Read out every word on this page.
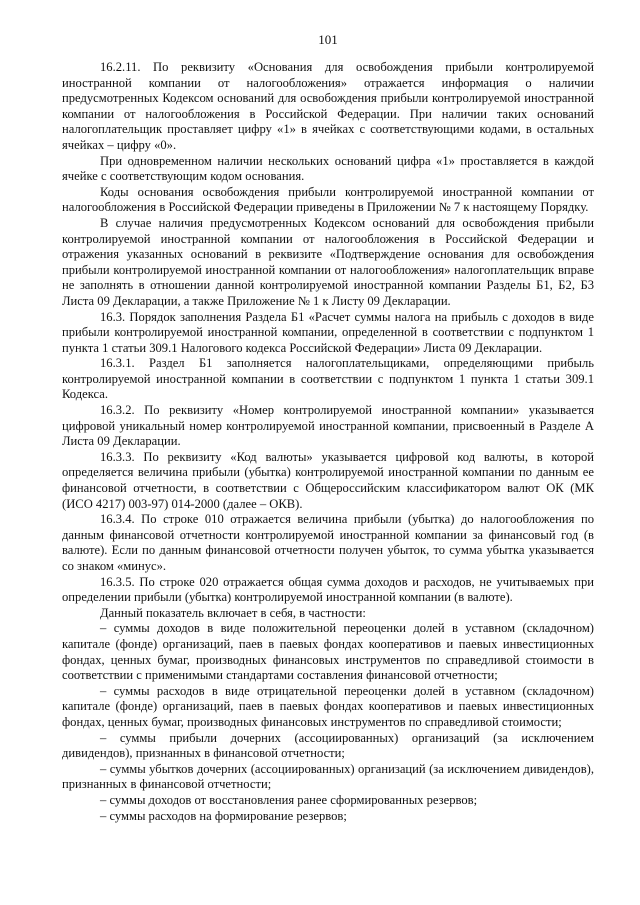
101

16.2.11. По реквизиту «Основания для освобождения прибыли контролируемой иностранной компании от налогообложения» отражается информация о наличии предусмотренных Кодексом оснований для освобождения прибыли контролируемой иностранной компании от налогообложения в Российской Федерации. При наличии таких оснований налогоплательщик проставляет цифру «1» в ячейках с соответствующими кодами, в остальных ячейках – цифру «0».

При одновременном наличии нескольких оснований цифра «1» проставляется в каждой ячейке с соответствующим кодом основания.

Коды основания освобождения прибыли контролируемой иностранной компании от налогообложения в Российской Федерации приведены в Приложении № 7 к настоящему Порядку.

В случае наличия предусмотренных Кодексом оснований для освобождения прибыли контролируемой иностранной компании от налогообложения в Российской Федерации и отражения указанных оснований в реквизите «Подтверждение основания для освобождения прибыли контролируемой иностранной компании от налогообложения» налогоплательщик вправе не заполнять в отношении данной контролируемой иностранной компании Разделы Б1, Б2, Б3 Листа 09 Декларации, а также Приложение № 1 к Листу 09 Декларации.

16.3. Порядок заполнения Раздела Б1 «Расчет суммы налога на прибыль с доходов в виде прибыли контролируемой иностранной компании, определенной в соответствии с подпунктом 1 пункта 1 статьи 309.1 Налогового кодекса Российской Федерации» Листа 09 Декларации.

16.3.1. Раздел Б1 заполняется налогоплательщиками, определяющими прибыль контролируемой иностранной компании в соответствии с подпунктом 1 пункта 1 статьи 309.1 Кодекса.

16.3.2. По реквизиту «Номер контролируемой иностранной компании» указывается цифровой уникальный номер контролируемой иностранной компании, присвоенный в Разделе А Листа 09 Декларации.

16.3.3. По реквизиту «Код валюты» указывается цифровой код валюты, в которой определяется величина прибыли (убытка) контролируемой иностранной компании по данным ее финансовой отчетности, в соответствии с Общероссийским классификатором валют ОК (МК (ИСО 4217) 003-97) 014-2000 (далее – ОКВ).

16.3.4. По строке 010 отражается величина прибыли (убытка) до налогообложения по данным финансовой отчетности контролируемой иностранной компании за финансовый год (в валюте). Если по данным финансовой отчетности получен убыток, то сумма убытка указывается со знаком «минус».

16.3.5. По строке 020 отражается общая сумма доходов и расходов, не учитываемых при определении прибыли (убытка) контролируемой иностранной компании (в валюте).

Данный показатель включает в себя, в частности:

– суммы доходов в виде положительной переоценки долей в уставном (складочном) капитале (фонде) организаций, паев в паевых фондах кооперативов и паевых инвестиционных фондах, ценных бумаг, производных финансовых инструментов по справедливой стоимости в соответствии с применимыми стандартами составления финансовой отчетности;

– суммы расходов в виде отрицательной переоценки долей в уставном (складочном) капитале (фонде) организаций, паев в паевых фондах кооперативов и паевых инвестиционных фондах, ценных бумаг, производных финансовых инструментов по справедливой стоимости;

– суммы прибыли дочерних (ассоциированных) организаций (за исключением дивидендов), признанных в финансовой отчетности;

– суммы убытков дочерних (ассоциированных) организаций (за исключением дивидендов), признанных в финансовой отчетности;

– суммы доходов от восстановления ранее сформированных резервов;

– суммы расходов на формирование резервов;
